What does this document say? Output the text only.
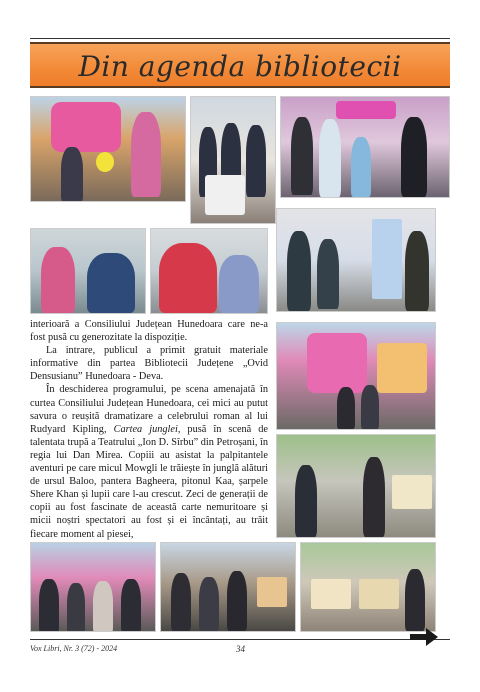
Din agenda bibliotecii

interioară a Consiliului Județean Hunedoara care ne-a fost pusă cu generozitate la dispoziție.

La intrare, publicul a primit gratuit materiale informative din partea Bibliotecii Județene „Ovid Densusianu” Hunedoara - Deva.

În deschiderea programului, pe scena amenajată în curtea Consiliului Județean Hunedoara, cei mici au putut savura o reușită dramatizare a celebrului roman al lui Rudyard Kipling, Cartea junglei, pusă în scenă de talentata trupă a Teatrului „Ion D. Sîrbu” din Petroșani, în regia lui Dan Mirea. Copiii au asistat la palpitantele aventuri pe care micul Mowgli le trăiește în junglă alături de ursul Baloo, pantera Bagheera, pitonul Kaa, șarpele Shere Khan și lupii care l-au crescut. Zeci de generații de copii au fost fascinate de această carte nemuritoare și micii noștri spectatori au fost și ei încântați, au trăit fiecare moment al piesei,

Vox Libri, Nr. 3 (72) - 2024	34
